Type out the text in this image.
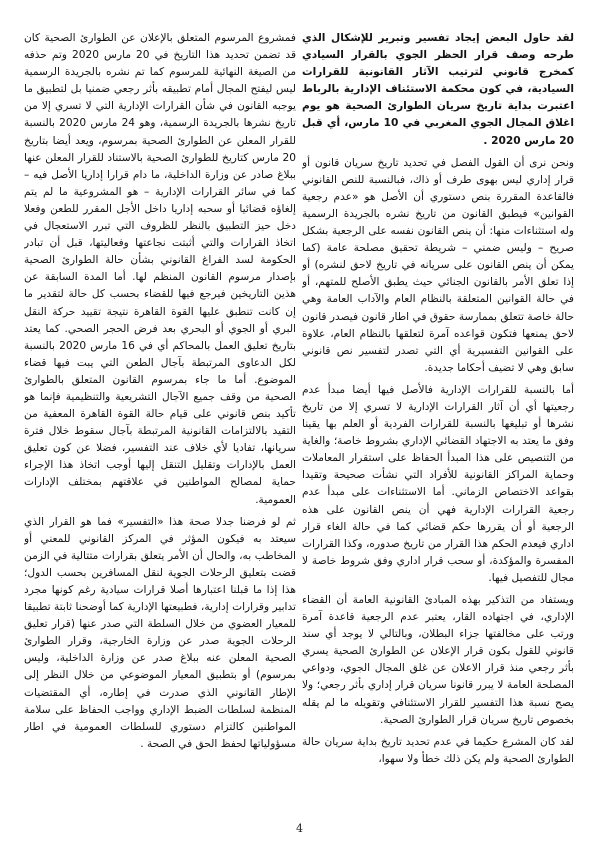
لقد حاول البعض إيجاد تفسير وتبرير للإشكال الذي طرحه وصف قرار الحظر الجوي بالقرار السيادي كمخرج قانوني لترتيب الآثار القانونية للقرارات السيادية، في كون محكمة الاستئناف الإدارية بالرباط اعتبرت بداية تاريخ سريان الطوارئ الصحية هو يوم اغلاق المجال الجوي المغربي في 10 مارس، أي قبل 20 مارس 2020 .

ونحن نرى أن القول الفصل في تحديد تاريخ سريان قانون أو قرار إداري ليس بهوى طرف أو ذاك، فبالنسبة للنص القانوني فالقاعدة المقررة بنص دستوري أن الأصل هو «عدم رجعية القوانين» فيطبق القانون من تاريخ نشره بالجريدة الرسمية وله استثناءات منها: أن ينص القانون نفسه على الرجعية بشكل صريح – وليس ضمني – شريطة تحقيق مصلحة عامة (كما يمكن أن ينص القانون على سريانه في تاريخ لاحق لنشره) أو إذا تعلق الأمر بالقانون الجنائي حيث يطبق الأصلح للمتهم، أو في حالة القوانين المتعلقة بالنظام العام والآداب العامة وهي حالة خاصة تتعلق بممارسة حقوق في اطار قانون فيصدر قانون لاحق يمنعها فتكون قواعده آمرة لتعلقها بالنظام العام، علاوة على القوانين التفسيرية أي التي تصدر لتفسير نص قانوني سابق وهي لا تضيف أحكاما جديدة.

أما بالنسبة للقرارات الإدارية فالأصل فيها أيضا مبدأ عدم رجعيتها أي أن آثار القرارات الإدارية لا تسري إلا من تاريخ نشرها أو تبليغها بالنسبة للقرارات الفردية أو العلم بها يقينا وفق ما يعتد به الاجتهاد القضائي الإداري بشروط خاصة؛ والغاية من التنصيص على هذا المبدأ الحفاظ على استقرار المعاملات وحماية المراكز القانونية للأفراد التي نشأت صحيحة وتقيدا بقواعد الاختصاص الزماني. أما الاستثناءات على مبدأ عدم رجعية القرارات الإدارية فهي أن ينص القانون على هذه الرجعية أو أن يقررها حكم قضائي كما في حالة الغاء قرار اداري فيعدم الحكم هذا القرار من تاريخ صدوره، وكذا القرارات المفسرة والمؤكدة، أو سحب قرار اداري وفق شروط خاصة لا مجال للتفصيل فيها.

ويستفاد من التذكير بهذه المبادئ القانونية العامة أن القضاء الإداري، في اجتهاده القار، يعتبر عدم الرجعية قاعدة آمرة ورتب على مخالفتها جزاء البطلان، وبالتالي لا يوجد أي سند قانوني للقول بكون قرار الإعلان عن الطوارئ الصحية يسري بأثر رجعي منذ قرار الاعلان عن غلق المجال الجوي، ودواعي المصلحة العامة لا يبرر قانونا سريان قرار إداري بأثر رجعي؛ ولا يصح نسبة هذا التفسير للقرار الاستئنافي وتقويله ما لم يقله بخصوص تاريخ سريان قرار الطوارئ الصحية.

لقد كان المشرع حكيما في عدم تحديد تاريخ بداية سريان حالة الطوارئ الصحية ولم يكن ذلك خطأ ولا سهوا،

فمشروع المرسوم المتعلق بالإعلان عن الطوارئ الصحية كان قد تضمن تحديد هذا التاريخ في 20 مارس 2020 وتم حذفه من الصيغة النهائية للمرسوم كما تم نشره بالجريدة الرسمية ليس ليفتح المجال أمام تطبيقه بأثر رجعي ضمنيا بل لتطبيق ما يوجبه القانون في شأن القرارات الإدارية التي لا تسري إلا من تاريخ نشرها بالجريدة الرسمية، وهو 24 مارس 2020 بالنسبة للقرار المعلن عن الطوارئ الصحية بمرسوم، ويعد أيضا بتاريخ 20 مارس كتاريخ للطوارئ الصحية بالاستناد للقرار المعلن عنها ببلاغ صادر عن وزارة الداخلية، ما دام قرارا إداريا الأصل فيه – كما في سائر القرارات الإدارية – هو المشروعية ما لم يتم إلغاؤه قضائيا أو سحبه إداريا داخل الأجل المقرر للطعن وفعلا دخل حيز التطبيق بالنظر للظروف التي تبرر الاستعجال في اتخاذ القرارات والتي أثبتت نجاعتها وفعاليتها، قبل أن تبادر الحكومة لسد الفراغ القانوني بشأن حالة الطوارئ الصحية بإصدار مرسوم القانون المنظم لها. أما المدة السابقة عن هذين التاريخين فيرجع فيها للقضاء بحسب كل حالة لتقدير ما إن كانت تنطبق عليها القوة القاهرة نتيجة تقييد حركة النقل البري أو الجوي أو البحري بعد فرض الحجر الصحي. كما يعتد بتاريخ تعليق العمل بالمحاكم أي في 16 مارس 2020 بالنسبة لكل الدعاوى المرتبطة بآجال الطعن التي يبت فيها قضاء الموضوع. أما ما جاء بمرسوم القانون المتعلق بالطوارئ الصحية من وقف جميع الآجال التشريعية والتنظيمية فإنما هو تأكيد بنص قانوني على قيام حالة القوة القاهرة المعفية من التقيد بالالتزامات القانونية المرتبطة بآجال سقوط خلال فترة سريانها، تفاديا لأي خلاف عند التفسير، فضلا عن كون تعليق العمل بالإدارات وتقليل التنقل إليها أوجب اتخاذ هذا الإجراء حماية لمصالح المواطنين في علاقتهم بمختلف الإدارات العمومية.

ثم لو فرضنا جدلا صحة هذا «التفسير» فما هو القرار الذي سيعتد به فيكون المؤثر في المركز القانوني للمعني أو المخاطب به، والحال أن الأمر يتعلق بقرارات متتالية في الزمن قضت بتعليق الرحلات الجوية لنقل المسافرين بحسب الدول؛ هذا إذا ما قبلنا اعتبارها أصلا قرارات سيادية رغم كونها مجرد تدابير وقرارات إدارية، فطبيعتها الإدارية كما أوضحنا ثابتة تطبيقا للمعيار العضوي من خلال السلطة التي صدر عنها (قرار تعليق الرحلات الجوية صدر عن وزارة الخارجية، وقرار الطوارئ الصحية المعلن عنه ببلاغ صدر عن وزارة الداخلية، وليس بمرسوم) أو بتطبيق المعيار الموضوعي من خلال النظر إلى الإطار القانوني الذي صدرت في إطاره، أي المقتضيات المنظمة لسلطات الضبط الإداري وواجب الحفاظ على سلامة المواطنين كالتزام دستوري للسلطات العمومية في اطار مسؤولياتها لحفظ الحق في الصحة .

4
